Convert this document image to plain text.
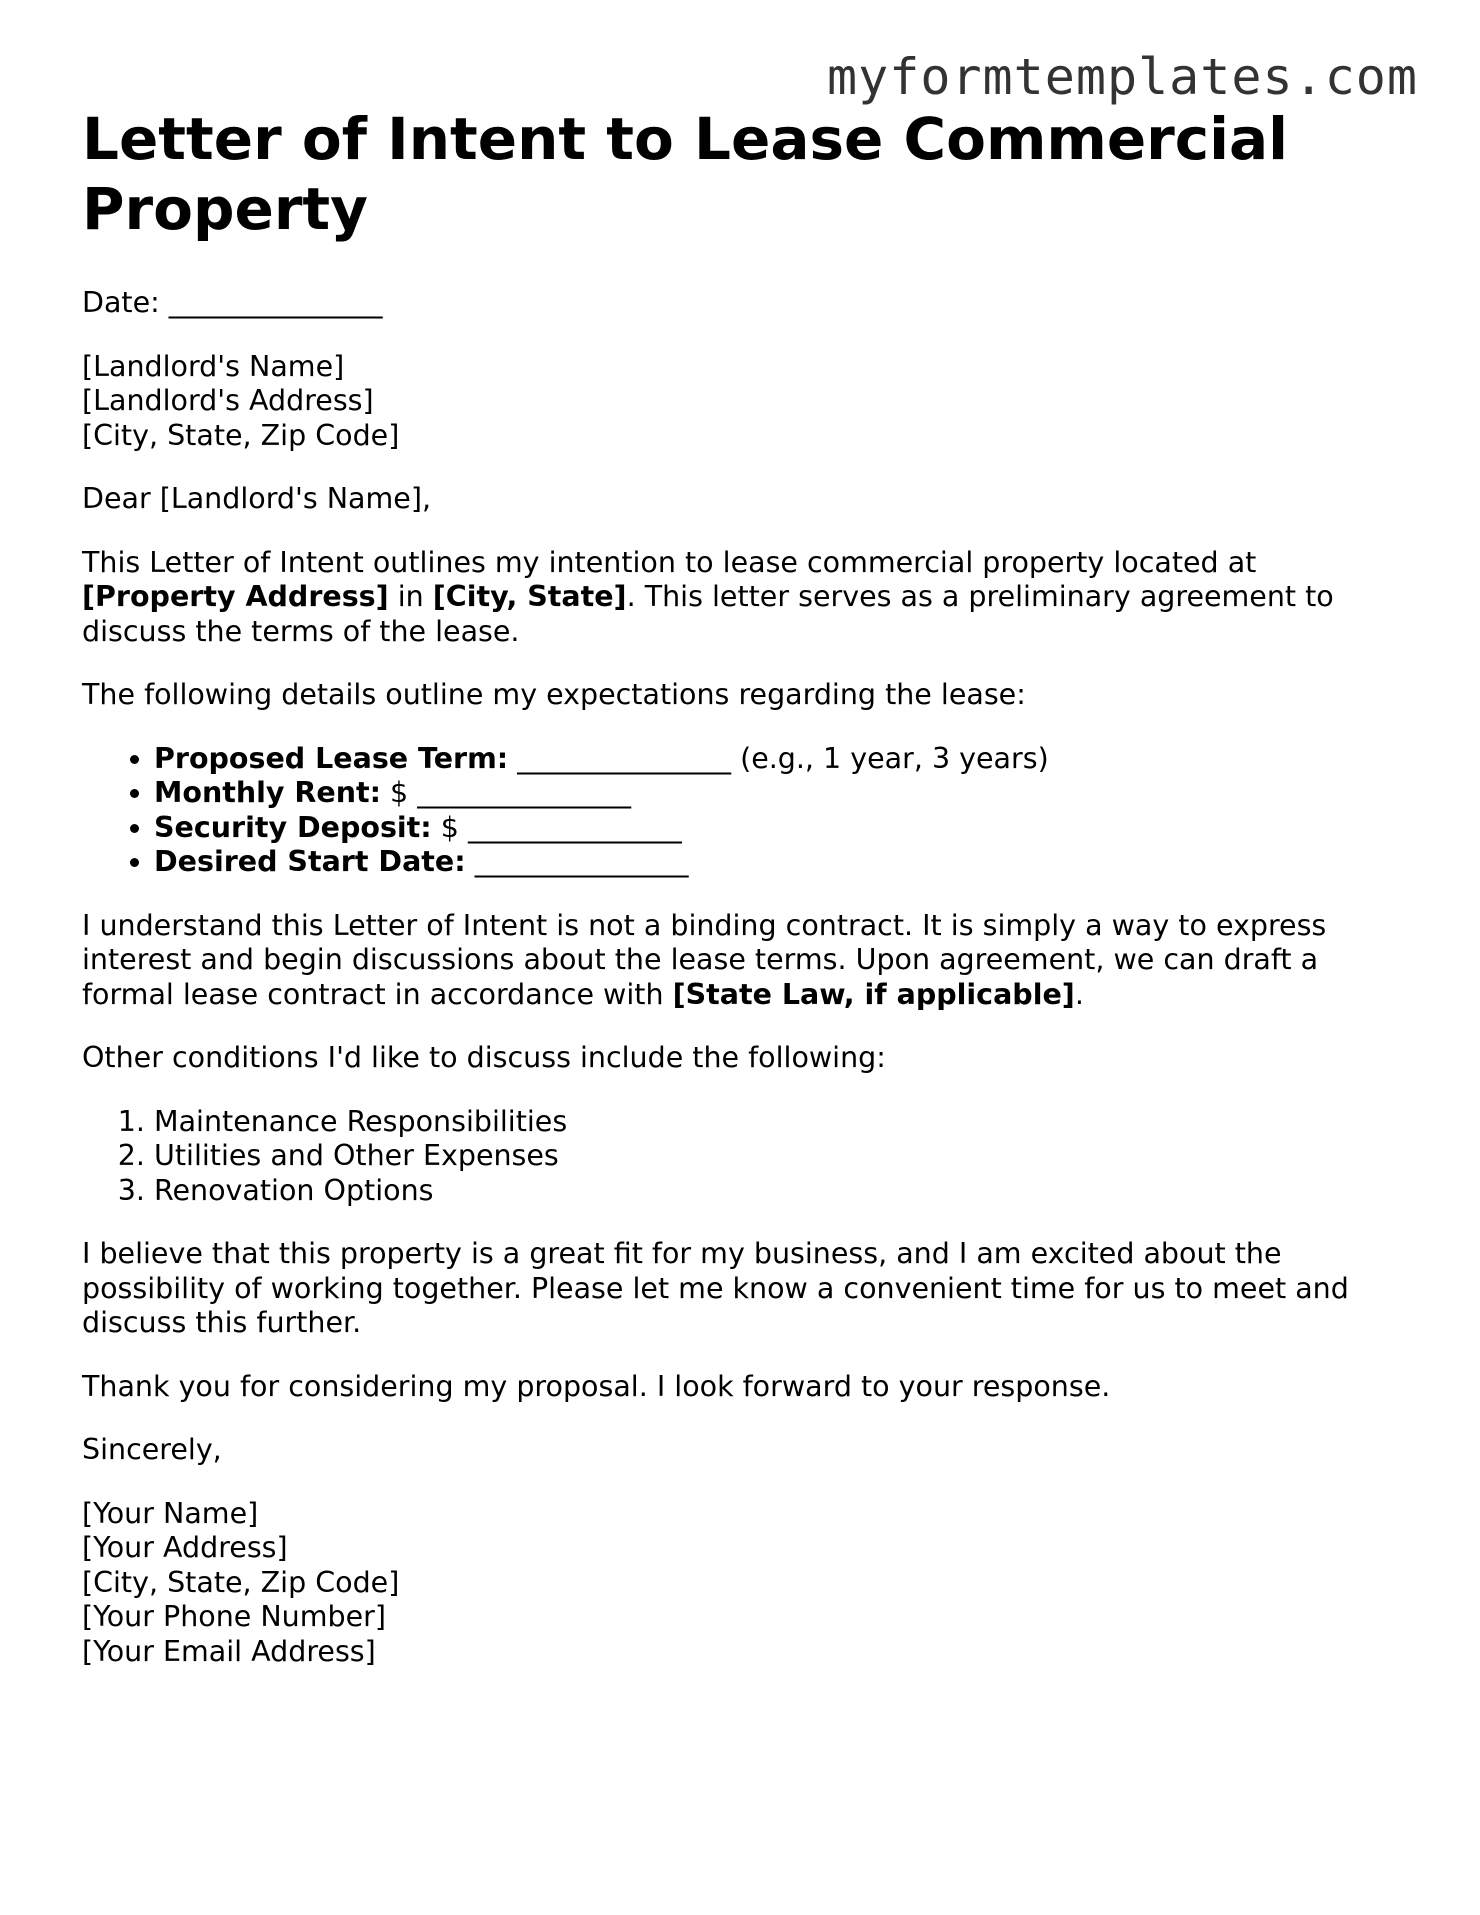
myformtemplates.com
Letter of Intent to Lease Commercial Property

Date: _______________

[Landlord's Name]
[Landlord's Address]
[City, State, Zip Code]

Dear [Landlord's Name],

This Letter of Intent outlines my intention to lease commercial property located at [Property Address] in [City, State]. This letter serves as a preliminary agreement to discuss the terms of the lease.

The following details outline my expectations regarding the lease:

• Proposed Lease Term: _______________ (e.g., 1 year, 3 years)
• Monthly Rent: $ _______________
• Security Deposit: $ _______________
• Desired Start Date: _______________

I understand this Letter of Intent is not a binding contract. It is simply a way to express interest and begin discussions about the lease terms. Upon agreement, we can draft a formal lease contract in accordance with [State Law, if applicable].

Other conditions I'd like to discuss include the following:

1. Maintenance Responsibilities
2. Utilities and Other Expenses
3. Renovation Options

I believe that this property is a great fit for my business, and I am excited about the possibility of working together. Please let me know a convenient time for us to meet and discuss this further.

Thank you for considering my proposal. I look forward to your response.

Sincerely,

[Your Name]
[Your Address]
[City, State, Zip Code]
[Your Phone Number]
[Your Email Address]
